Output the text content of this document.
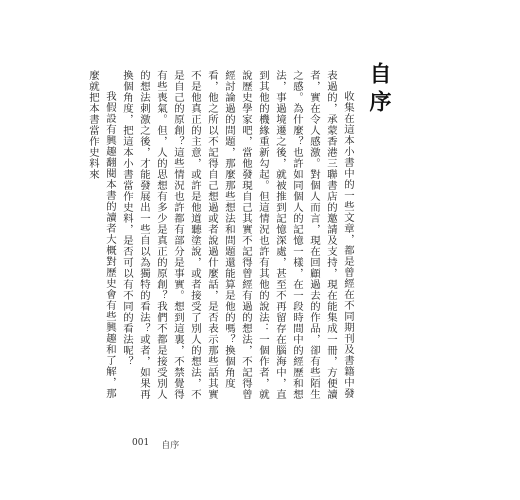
自序

收集在這本小書中的一些文章，都是曾經在不同期刊及書籍中發表過的，承蒙香港三聯書店的邀請及支持，現在能集成一冊，方便讀者，實在令人感激。對個人而言，現在回顧過去的作品，卻有些陌生之感。為什麼？也許如同個人的記憶一樣，在一段時間中的經歷和想法，事過境遷之後，就被推到記憶深處，甚至不再留存在腦海中，直到其他的機緣重新勾起。但這情況也許有其他的說法：一個作者，就說歷史學家吧，當他發現自己其實不記得曾經有過的想法，不記得曾經討論過的問題，那麼那些想法和問題還能算是他的嗎？換個角度看，他之所以不記得自己想過或者說過什麼話，是否表示那些話其實不是他真正的主意，或許是他道聽塗說，或者接受了別人的想法，不是自己的原創？這些情況也許都有部分是事實。想到這裏，不禁覺得有些喪氣。但，人的思想有多少是真正的原創？我們不都是接受別人的想法刺激之後，才能發展出一些自以為獨特的看法？或者，如果再換個角度，把這本小書當作史料，是否可以有不同的看法呢？

我假設有興趣翻閱本書的讀者大概對歷史會有些興趣和了解，那麼就把本書當作史料來

001 自序
